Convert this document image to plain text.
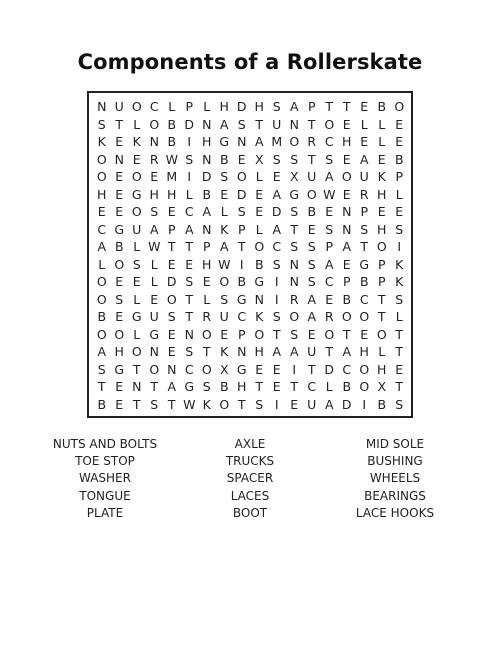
Components of a Rollerskate
N U O C L P L H D H S A P T T E B O
S T L O B D N A S T U N T O E L L E
K E K N B I H G N A M O R C H E L E
O N E R W S N B E X S S T S E A E B
O E O E M I D S O L E X U A O U K P
H E G H H L B E D E A G O W E R H L
E E O S E C A L S E D S B E N P E E
C G U A P A N K P L A T E S N S H S
A B L W T T P A T O C S S P A T O I
L O S L E E H W I B S N S A E G P K
O E E L D S E O B G I N S C P B P K
O S L E O T L S G N I R A E B C T S
B E G U S T R U C K S O A R O O T L
O O L G E N O E P O T S E O T E O T
A H O N E S T K N H A A U T A H L T
S G T O N C O X G E E I T D C O H E
T E N T A G S B H T E T C L B O X T
B E T S T W K O T S I E U A D I B S
NUTS AND BOLTS
TOE STOP
WASHER
TONGUE
PLATE
AXLE
TRUCKS
SPACER
LACES
BOOT
MID SOLE
BUSHING
WHEELS
BEARINGS
LACE HOOKS
